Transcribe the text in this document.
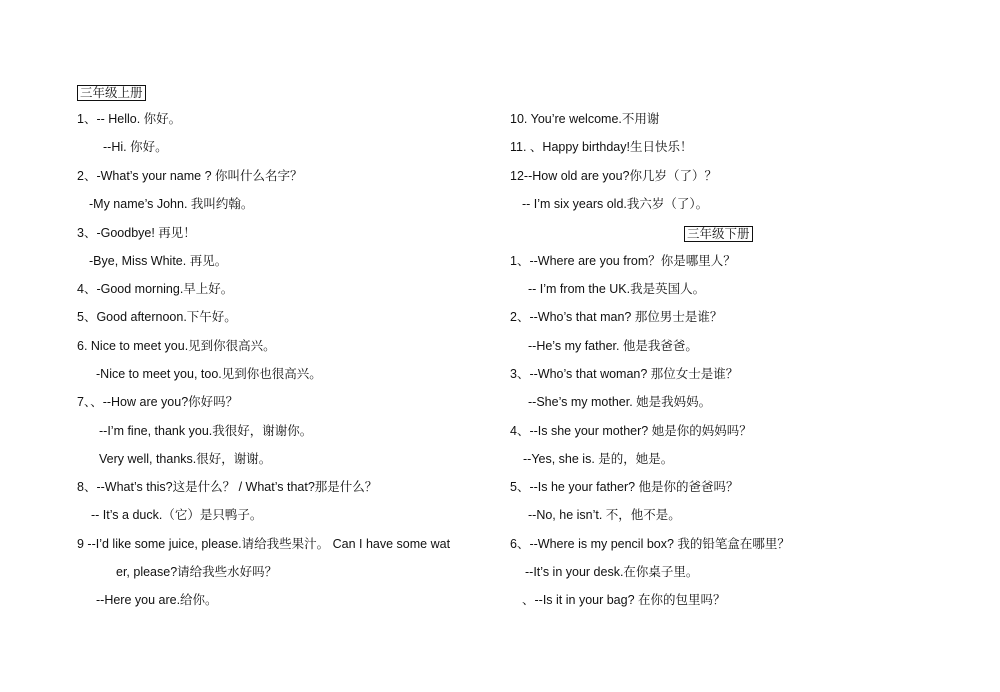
三年级上册
1、-- Hello. 你好。
--Hi. 你好。
2、-What’s your name ? 你叫什么名字？
-My name’s John. 我叫约翰。
3、-Goodbye! 再见！
-Bye, Miss White. 再见。
4、-Good morning.早上好。
5、Good afternoon.下午好。
6. Nice to meet you.见到你很高兴。
-Nice to meet you, too.见到你也很高兴。
7、、--How are you?你好吗？
--I’m fine, thank you.我很好，谢谢你。
Very well, thanks.很好，谢谢。
8、--What’s this?这是什么？ / What’s that?那是什么？
-- It’s a duck.（它）是只鸭子。
9 --I’d like some juice, please.请给我些果汁。 Can I have some wat
er, please?请给我些水好吗？
--Here you are.给你。
10. You’re welcome.不用谢
11. 、Happy birthday!生日快乐！
12--How old are you?你几岁（了）？
-- I’m six years old.我六岁（了）。
三年级下册
1、--Where are you from？你是哪里人？
-- I’m from the UK.我是英国人。
2、--Who’s that man? 那位男士是谁？
--He’s my father. 他是我爸爸。
3、--Who’s that woman? 那位女士是谁？
--She’s my mother. 她是我妈妈。
4、--Is she your mother? 她是你的妈妈吗？
--Yes, she is. 是的，她是。
5、--Is he your father? 他是你的爸爸吗？
--No, he isn’t. 不，他不是。
6、--Where is my pencil box? 我的铅笔盒在哪里？
--It’s in your desk.在你桌子里。
、--Is it in your bag? 在你的包里吗？
